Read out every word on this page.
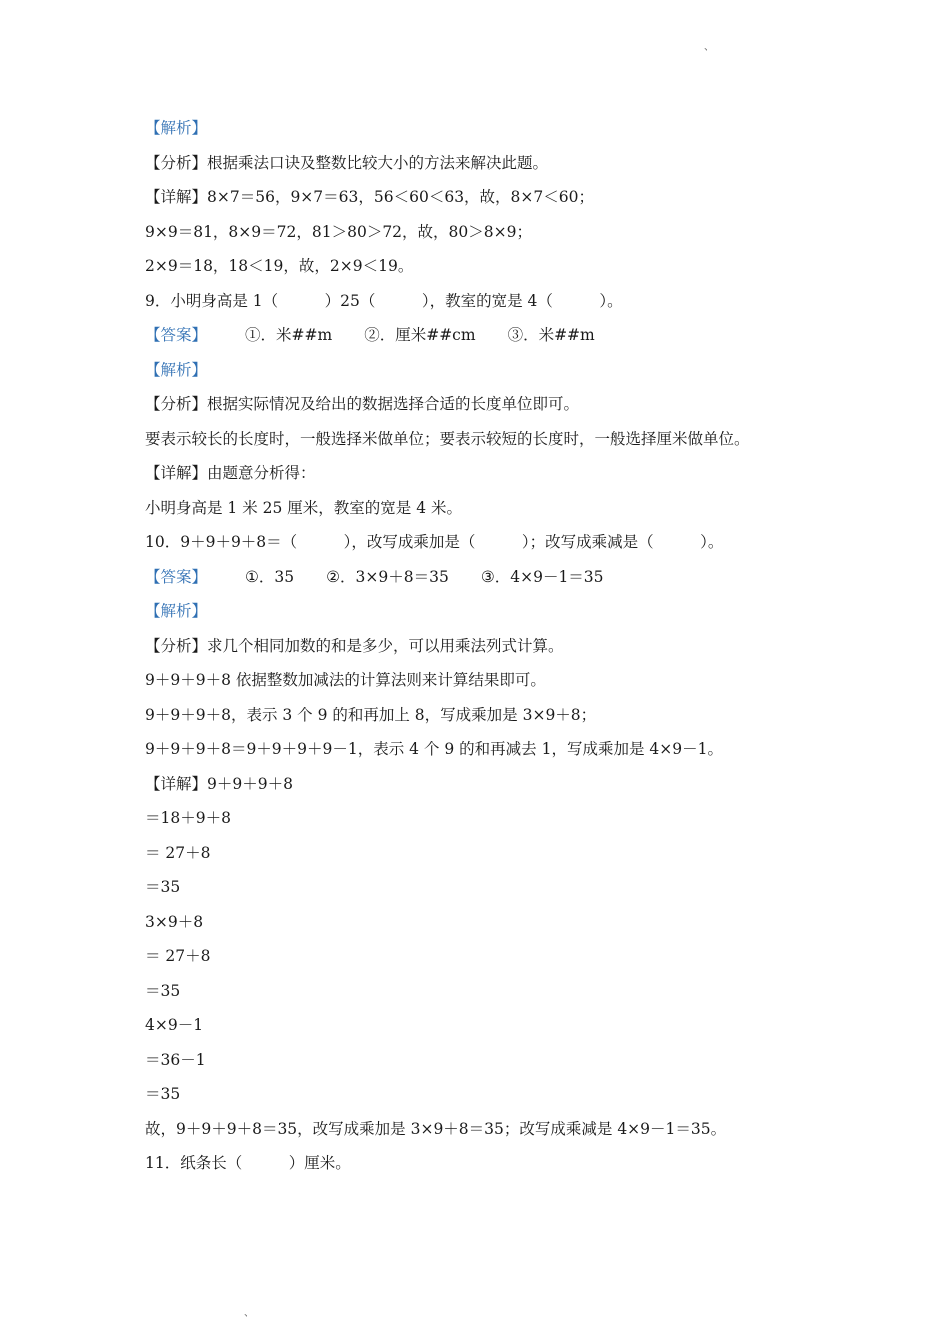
、
【解析】
【分析】根据乘法口诀及整数比较大小的方法来解决此题。
【详解】8×7＝56，9×7＝63，56＜60＜63，故，8×7＜60；
9×9＝81，8×9＝72，81＞80＞72，故，80＞8×9；
2×9＝18，18＜19，故，2×9＜19。
9．小明身高是 1（　　　）25（　　　），教室的宽是 4（　　　）。
【答案】 ①．米##m ②．厘米##cm ③．米##m
【解析】
【分析】根据实际情况及给出的数据选择合适的长度单位即可。
要表示较长的长度时，一般选择米做单位；要表示较短的长度时，一般选择厘米做单位。
【详解】由题意分析得：
小明身高是 1 米 25 厘米，教室的宽是 4 米。
10．9＋9＋9＋8＝（　　　），改写成乘加是（　　　）；改写成乘减是（　　　）。
【答案】 ①．35 ②．3×9＋8＝35 ③．4×9－1＝35
【解析】
【分析】求几个相同加数的和是多少，可以用乘法列式计算。
9＋9＋9＋8 依据整数加减法的计算法则来计算结果即可。
9＋9＋9＋8，表示 3 个 9 的和再加上 8，写成乘加是 3×9＋8；
9＋9＋9＋8＝9＋9＋9＋9－1，表示 4 个 9 的和再减去 1，写成乘加是 4×9－1。
【详解】9＋9＋9＋8
＝18＋9＋8
＝ 27＋8
＝35
3×9＋8
＝ 27＋8
＝35
4×9－1
＝36－1
＝35
故，9＋9＋9＋8＝35，改写成乘加是 3×9＋8＝35；改写成乘减是 4×9－1＝35。
11．纸条长（　　　）厘米。
、
